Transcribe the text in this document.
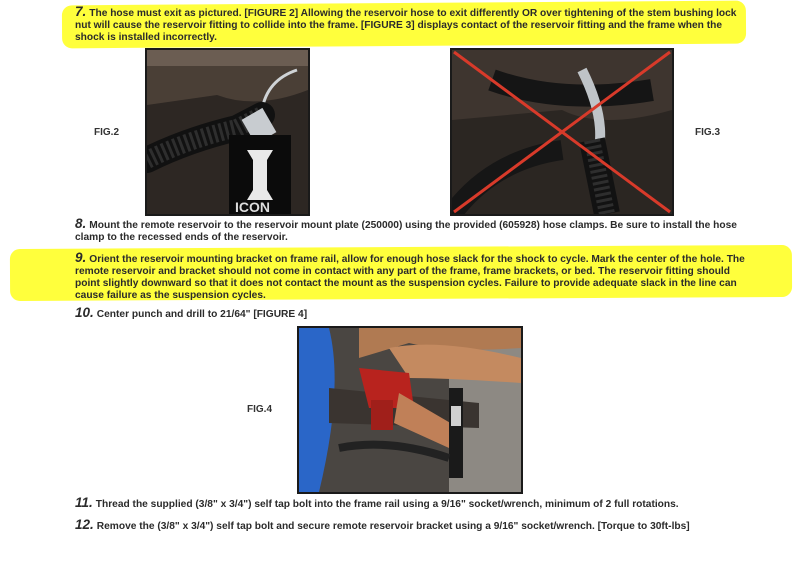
7. The hose must exit as pictured. [FIGURE 2] Allowing the reservoir hose to exit differently OR over tightening of the stem bushing lock nut will cause the reservoir fitting to collide into the frame. [FIGURE 3] displays contact of the reservoir fitting and the frame when the shock is installed incorrectly.
FIG.2
ICON
FIG.3
8. Mount the remote reservoir to the reservoir mount plate (250000) using the provided (605928) hose clamps. Be sure to install the hose clamp to the recessed ends of the reservoir.
9. Orient the reservoir mounting bracket on frame rail, allow for enough hose slack for the shock to cycle. Mark the center of the hole. The remote reservoir and bracket should not come in contact with any part of the frame, frame brackets, or bed. The reservoir fitting should point slightly downward so that it does not contact the mount as the suspension cycles. Failure to provide adequate slack in the line can cause failure as the suspension cycles.
10. Center punch and drill to 21/64" [FIGURE 4]
FIG.4
11. Thread the supplied (3/8" x 3/4") self tap bolt into the frame rail using a 9/16" socket/wrench, minimum of 2 full rotations.
12. Remove the (3/8" x 3/4") self tap bolt and secure remote reservoir bracket using a 9/16" socket/wrench. [Torque to 30ft-lbs]
